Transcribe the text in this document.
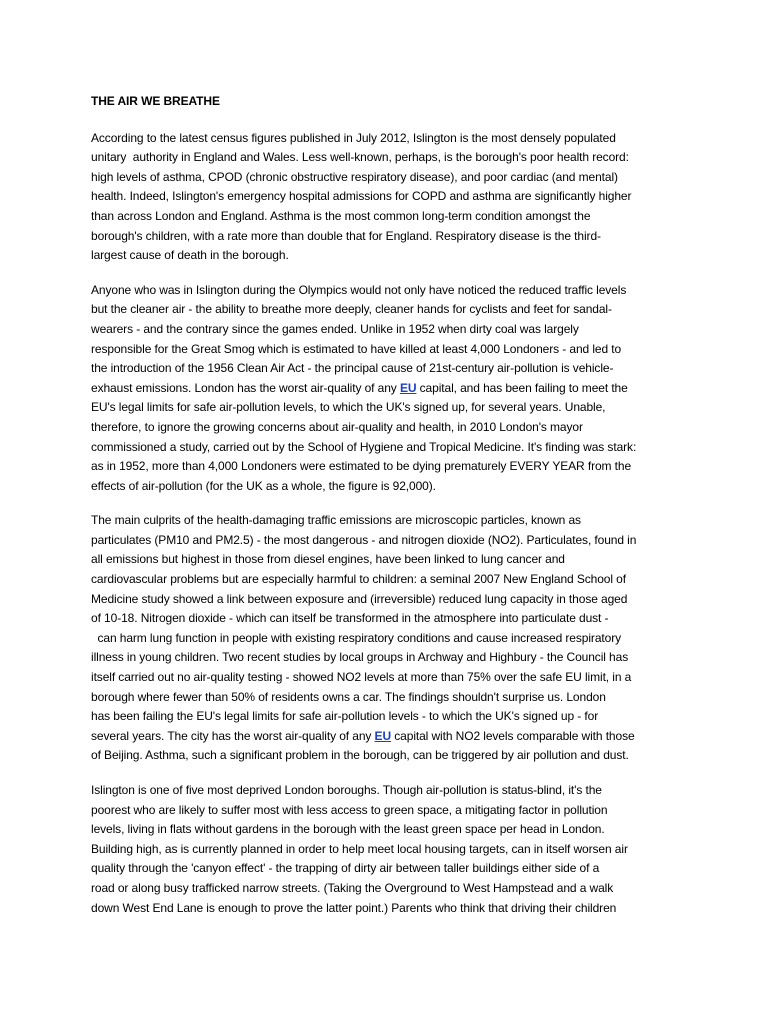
THE AIR WE BREATHE
According to the latest census figures published in July 2012, Islington is the most densely populated
unitary  authority in England and Wales. Less well-known, perhaps, is the borough's poor health record:
high levels of asthma, CPOD (chronic obstructive respiratory disease), and poor cardiac (and mental)
health. Indeed, Islington's emergency hospital admissions for COPD and asthma are significantly higher
than across London and England. Asthma is the most common long-term condition amongst the
borough's children, with a rate more than double that for England. Respiratory disease is the third-
largest cause of death in the borough.
Anyone who was in Islington during the Olympics would not only have noticed the reduced traffic levels
but the cleaner air - the ability to breathe more deeply, cleaner hands for cyclists and feet for sandal-
wearers - and the contrary since the games ended. Unlike in 1952 when dirty coal was largely
responsible for the Great Smog which is estimated to have killed at least 4,000 Londoners - and led to
the introduction of the 1956 Clean Air Act - the principal cause of 21st-century air-pollution is vehicle-
exhaust emissions. London has the worst air-quality of any EU capital, and has been failing to meet the
EU's legal limits for safe air-pollution levels, to which the UK's signed up, for several years. Unable,
therefore, to ignore the growing concerns about air-quality and health, in 2010 London's mayor
commissioned a study, carried out by the School of Hygiene and Tropical Medicine. It's finding was stark:
as in 1952, more than 4,000 Londoners were estimated to be dying prematurely EVERY YEAR from the
effects of air-pollution (for the UK as a whole, the figure is 92,000).
The main culprits of the health-damaging traffic emissions are microscopic particles, known as
particulates (PM10 and PM2.5) - the most dangerous - and nitrogen dioxide (NO2). Particulates, found in
all emissions but highest in those from diesel engines, have been linked to lung cancer and
cardiovascular problems but are especially harmful to children: a seminal 2007 New England School of
Medicine study showed a link between exposure and (irreversible) reduced lung capacity in those aged
of 10-18. Nitrogen dioxide - which can itself be transformed in the atmosphere into particulate dust -
can harm lung function in people with existing respiratory conditions and cause increased respiratory
illness in young children. Two recent studies by local groups in Archway and Highbury - the Council has
itself carried out no air-quality testing - showed NO2 levels at more than 75% over the safe EU limit, in a
borough where fewer than 50% of residents owns a car. The findings shouldn't surprise us. London
has been failing the EU's legal limits for safe air-pollution levels - to which the UK's signed up - for
several years. The city has the worst air-quality of any EU capital with NO2 levels comparable with those
of Beijing. Asthma, such a significant problem in the borough, can be triggered by air pollution and dust.
Islington is one of five most deprived London boroughs. Though air-pollution is status-blind, it's the
poorest who are likely to suffer most with less access to green space, a mitigating factor in pollution
levels, living in flats without gardens in the borough with the least green space per head in London.
Building high, as is currently planned in order to help meet local housing targets, can in itself worsen air
quality through the 'canyon effect' - the trapping of dirty air between taller buildings either side of a
road or along busy trafficked narrow streets. (Taking the Overground to West Hampstead and a walk
down West End Lane is enough to prove the latter point.) Parents who think that driving their children
